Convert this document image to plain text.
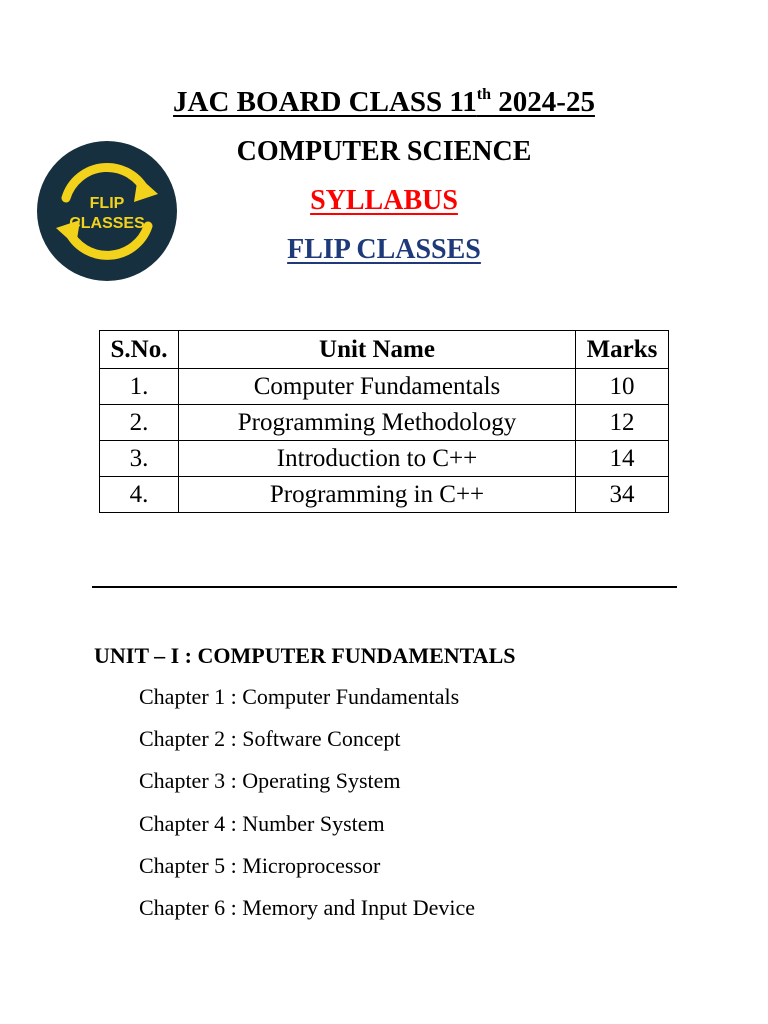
JAC BOARD CLASS 11th 2024-25
COMPUTER SCIENCE
SYLLABUS
FLIP CLASSES
FLIP
CLASSES
S.No.	Unit Name	Marks
1.	Computer Fundamentals	10
2.	Programming Methodology	12
3.	Introduction to C++	14
4.	Programming in C++	34
UNIT – I : COMPUTER FUNDAMENTALS
Chapter 1 : Computer Fundamentals
Chapter 2 : Software Concept
Chapter 3 : Operating System
Chapter 4 : Number System
Chapter 5 : Microprocessor
Chapter 6 : Memory and Input Device
